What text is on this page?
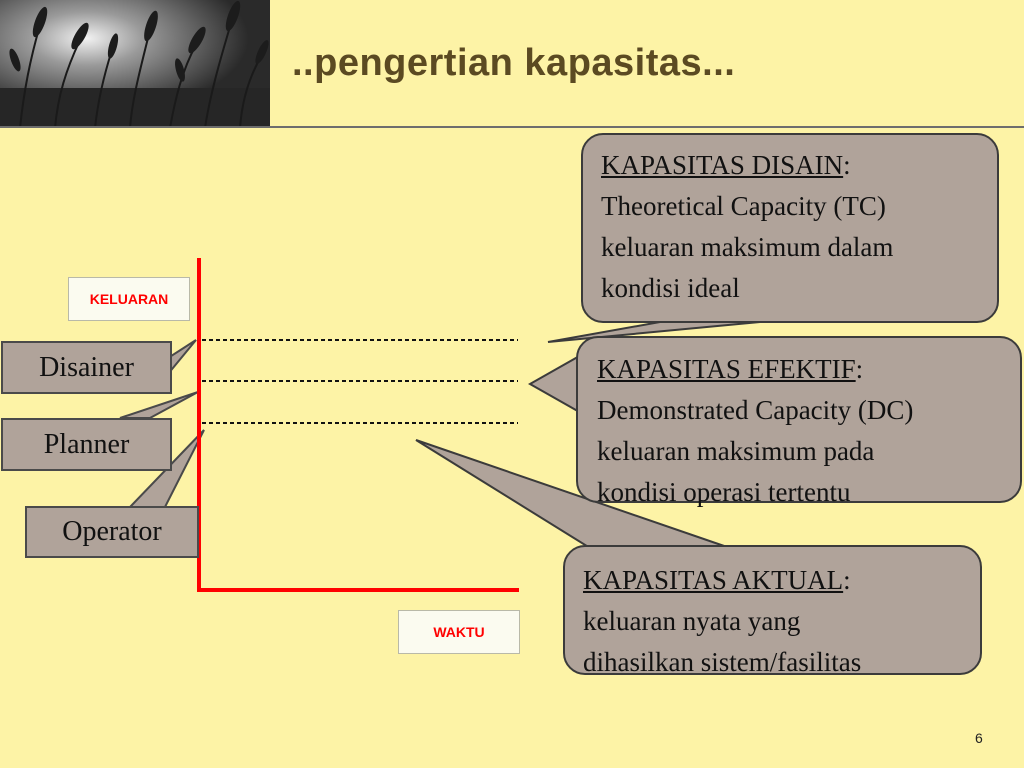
..pengertian kapasitas...
KELUARAN
WAKTU
Disainer
Planner
Operator
KAPASITAS DISAIN:
Theoretical Capacity (TC)
keluaran maksimum dalam
kondisi ideal
KAPASITAS EFEKTIF:
Demonstrated Capacity (DC)
keluaran maksimum pada
kondisi operasi tertentu
KAPASITAS AKTUAL:
keluaran nyata yang
dihasilkan sistem/fasilitas
6
